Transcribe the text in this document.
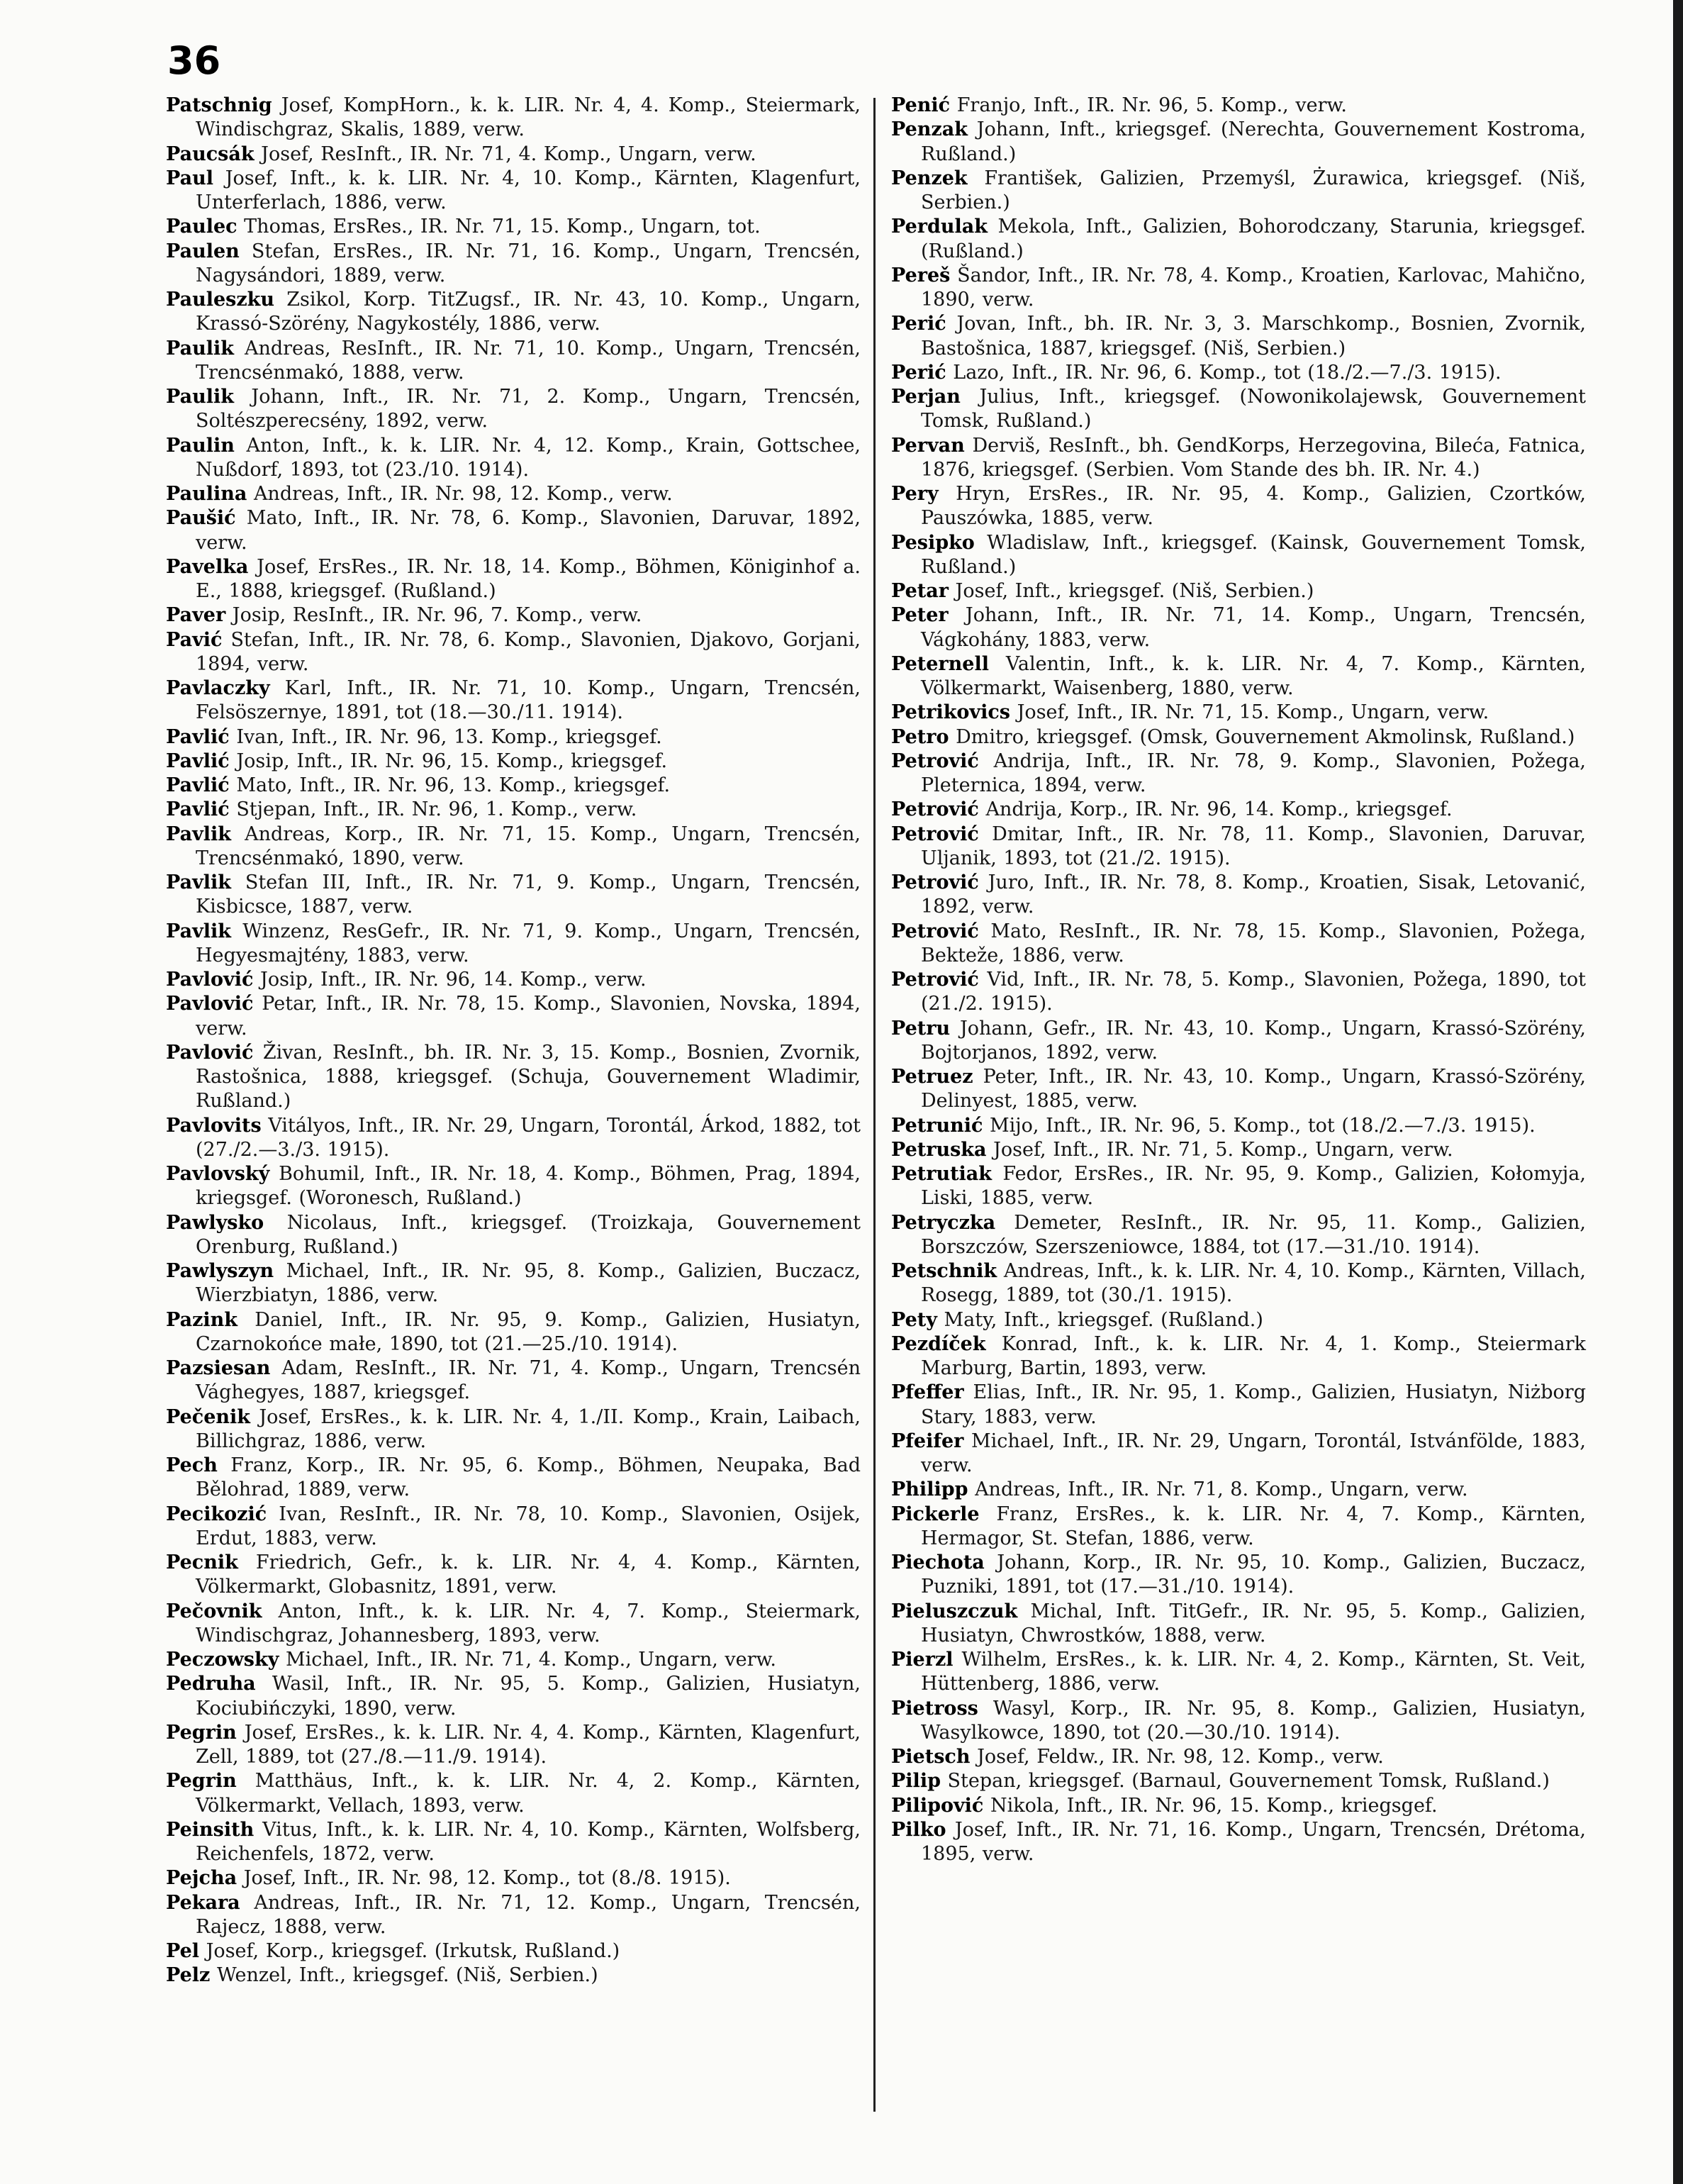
36

Patschnig Josef, KompHorn., k. k. LIR. Nr. 4, 4. Komp., Steiermark, Windischgraz, Skalis, 1889, verw.

Paucsák Josef, ResInft., IR. Nr. 71, 4. Komp., Ungarn, verw.

Paul Josef, Inft., k. k. LIR. Nr. 4, 10. Komp., Kärnten, Klagenfurt, Unterferlach, 1886, verw.

Paulec Thomas, ErsRes., IR. Nr. 71, 15. Komp., Ungarn, tot.

Paulen Stefan, ErsRes., IR. Nr. 71, 16. Komp., Ungarn, Trencsén, Nagysándori, 1889, verw.

Pauleszku Zsikol, Korp. TitZugsf., IR. Nr. 43, 10. Komp., Ungarn, Krassó-Szörény, Nagykostély, 1886, verw.

Paulik Andreas, ResInft., IR. Nr. 71, 10. Komp., Ungarn, Trencsén, Trencsénmakó, 1888, verw.

Paulik Johann, Inft., IR. Nr. 71, 2. Komp., Ungarn, Trencsén, Soltészperecsény, 1892, verw.

Paulin Anton, Inft., k. k. LIR. Nr. 4, 12. Komp., Krain, Gottschee, Nußdorf, 1893, tot (23./10. 1914).

Paulina Andreas, Inft., IR. Nr. 98, 12. Komp., verw.

Paušić Mato, Inft., IR. Nr. 78, 6. Komp., Slavonien, Daruvar, 1892, verw.

Pavelka Josef, ErsRes., IR. Nr. 18, 14. Komp., Böhmen, Königinhof a. E., 1888, kriegsgef. (Rußland.)

Paver Josip, ResInft., IR. Nr. 96, 7. Komp., verw.

Pavić Stefan, Inft., IR. Nr. 78, 6. Komp., Slavonien, Djakovo, Gorjani, 1894, verw.

Pavlaczky Karl, Inft., IR. Nr. 71, 10. Komp., Ungarn, Trencsén, Felsöszernye, 1891, tot (18.—30./11. 1914).

Pavlić Ivan, Inft., IR. Nr. 96, 13. Komp., kriegsgef.

Pavlić Josip, Inft., IR. Nr. 96, 15. Komp., kriegsgef.

Pavlić Mato, Inft., IR. Nr. 96, 13. Komp., kriegsgef.

Pavlić Stjepan, Inft., IR. Nr. 96, 1. Komp., verw.

Pavlik Andreas, Korp., IR. Nr. 71, 15. Komp., Ungarn, Trencsén, Trencsénmakó, 1890, verw.

Pavlik Stefan III, Inft., IR. Nr. 71, 9. Komp., Ungarn, Trencsén, Kisbicsce, 1887, verw.

Pavlik Winzenz, ResGefr., IR. Nr. 71, 9. Komp., Ungarn, Trencsén, Hegyesmajtény, 1883, verw.

Pavlović Josip, Inft., IR. Nr. 96, 14. Komp., verw.

Pavlović Petar, Inft., IR. Nr. 78, 15. Komp., Slavonien, Novska, 1894, verw.

Pavlović Živan, ResInft., bh. IR. Nr. 3, 15. Komp., Bosnien, Zvornik, Rastošnica, 1888, kriegsgef. (Schuja, Gouvernement Wladimir, Rußland.)

Pavlovits Vitályos, Inft., IR. Nr. 29, Ungarn, Torontál, Árkod, 1882, tot (27./2.—3./3. 1915).

Pavlovský Bohumil, Inft., IR. Nr. 18, 4. Komp., Böhmen, Prag, 1894, kriegsgef. (Woronesch, Rußland.)

Pawlysko Nicolaus, Inft., kriegsgef. (Troizkaja, Gouvernement Orenburg, Rußland.)

Pawlyszyn Michael, Inft., IR. Nr. 95, 8. Komp., Galizien, Buczacz, Wierzbiatyn, 1886, verw.

Pazink Daniel, Inft., IR. Nr. 95, 9. Komp., Galizien, Husiatyn, Czarnokońce małe, 1890, tot (21.—25./10. 1914).

Pazsiesan Adam, ResInft., IR. Nr. 71, 4. Komp., Ungarn, Trencsén Vághegyes, 1887, kriegsgef.

Pečenik Josef, ErsRes., k. k. LIR. Nr. 4, 1./II. Komp., Krain, Laibach, Billichgraz, 1886, verw.

Pech Franz, Korp., IR. Nr. 95, 6. Komp., Böhmen, Neupaka, Bad Bělohrad, 1889, verw.

Pecikozić Ivan, ResInft., IR. Nr. 78, 10. Komp., Slavonien, Osijek, Erdut, 1883, verw.

Pecnik Friedrich, Gefr., k. k. LIR. Nr. 4, 4. Komp., Kärnten, Völkermarkt, Globasnitz, 1891, verw.

Pečovnik Anton, Inft., k. k. LIR. Nr. 4, 7. Komp., Steiermark, Windischgraz, Johannesberg, 1893, verw.

Peczowsky Michael, Inft., IR. Nr. 71, 4. Komp., Ungarn, verw.

Pedruha Wasil, Inft., IR. Nr. 95, 5. Komp., Galizien, Husiatyn, Kociubińczyki, 1890, verw.

Pegrin Josef, ErsRes., k. k. LIR. Nr. 4, 4. Komp., Kärnten, Klagenfurt, Zell, 1889, tot (27./8.—11./9. 1914).

Pegrin Matthäus, Inft., k. k. LIR. Nr. 4, 2. Komp., Kärnten, Völkermarkt, Vellach, 1893, verw.

Peinsith Vitus, Inft., k. k. LIR. Nr. 4, 10. Komp., Kärnten, Wolfsberg, Reichenfels, 1872, verw.

Pejcha Josef, Inft., IR. Nr. 98, 12. Komp., tot (8./8. 1915).

Pekara Andreas, Inft., IR. Nr. 71, 12. Komp., Ungarn, Trencsén, Rajecz, 1888, verw.

Pel Josef, Korp., kriegsgef. (Irkutsk, Rußland.)

Pelz Wenzel, Inft., kriegsgef. (Niš, Serbien.)

Penić Franjo, Inft., IR. Nr. 96, 5. Komp., verw.

Penzak Johann, Inft., kriegsgef. (Nerechta, Gouvernement Kostroma, Rußland.)

Penzek František, Galizien, Przemyśl, Żurawica, kriegsgef. (Niš, Serbien.)

Perdulak Mekola, Inft., Galizien, Bohorodczany, Starunia, kriegsgef. (Rußland.)

Pereš Šandor, Inft., IR. Nr. 78, 4. Komp., Kroatien, Karlovac, Mahično, 1890, verw.

Perić Jovan, Inft., bh. IR. Nr. 3, 3. Marschkomp., Bosnien, Zvornik, Bastošnica, 1887, kriegsgef. (Niš, Serbien.)

Perić Lazo, Inft., IR. Nr. 96, 6. Komp., tot (18./2.—7./3. 1915).

Perjan Julius, Inft., kriegsgef. (Nowonikolajewsk, Gouvernement Tomsk, Rußland.)

Pervan Derviš, ResInft., bh. GendKorps, Herzegovina, Bileća, Fatnica, 1876, kriegsgef. (Serbien. Vom Stande des bh. IR. Nr. 4.)

Pery Hryn, ErsRes., IR. Nr. 95, 4. Komp., Galizien, Czortków, Pauszówka, 1885, verw.

Pesipko Wladislaw, Inft., kriegsgef. (Kainsk, Gouvernement Tomsk, Rußland.)

Petar Josef, Inft., kriegsgef. (Niš, Serbien.)

Peter Johann, Inft., IR. Nr. 71, 14. Komp., Ungarn, Trencsén, Vágkohány, 1883, verw.

Peternell Valentin, Inft., k. k. LIR. Nr. 4, 7. Komp., Kärnten, Völkermarkt, Waisenberg, 1880, verw.

Petrikovics Josef, Inft., IR. Nr. 71, 15. Komp., Ungarn, verw.

Petro Dmitro, kriegsgef. (Omsk, Gouvernement Akmolinsk, Rußland.)

Petrović Andrija, Inft., IR. Nr. 78, 9. Komp., Slavonien, Požega, Pleternica, 1894, verw.

Petrović Andrija, Korp., IR. Nr. 96, 14. Komp., kriegsgef.

Petrović Dmitar, Inft., IR. Nr. 78, 11. Komp., Slavonien, Daruvar, Uljanik, 1893, tot (21./2. 1915).

Petrović Juro, Inft., IR. Nr. 78, 8. Komp., Kroatien, Sisak, Letovanić, 1892, verw.

Petrović Mato, ResInft., IR. Nr. 78, 15. Komp., Slavonien, Požega, Bekteže, 1886, verw.

Petrović Vid, Inft., IR. Nr. 78, 5. Komp., Slavonien, Požega, 1890, tot (21./2. 1915).

Petru Johann, Gefr., IR. Nr. 43, 10. Komp., Ungarn, Krassó-Szörény, Bojtorjanos, 1892, verw.

Petruez Peter, Inft., IR. Nr. 43, 10. Komp., Ungarn, Krassó-Szörény, Delinyest, 1885, verw.

Petrunić Mijo, Inft., IR. Nr. 96, 5. Komp., tot (18./2.—7./3. 1915).

Petruska Josef, Inft., IR. Nr. 71, 5. Komp., Ungarn, verw.

Petrutiak Fedor, ErsRes., IR. Nr. 95, 9. Komp., Galizien, Kołomyja, Liski, 1885, verw.

Petryczka Demeter, ResInft., IR. Nr. 95, 11. Komp., Galizien, Borszczów, Szerszeniowce, 1884, tot (17.—31./10. 1914).

Petschnik Andreas, Inft., k. k. LIR. Nr. 4, 10. Komp., Kärnten, Villach, Rosegg, 1889, tot (30./1. 1915).

Pety Maty, Inft., kriegsgef. (Rußland.)

Pezdíček Konrad, Inft., k. k. LIR. Nr. 4, 1. Komp., Steiermark Marburg, Bartin, 1893, verw.

Pfeffer Elias, Inft., IR. Nr. 95, 1. Komp., Galizien, Husiatyn, Niżborg Stary, 1883, verw.

Pfeifer Michael, Inft., IR. Nr. 29, Ungarn, Torontál, Istvánfölde, 1883, verw.

Philipp Andreas, Inft., IR. Nr. 71, 8. Komp., Ungarn, verw.

Pickerle Franz, ErsRes., k. k. LIR. Nr. 4, 7. Komp., Kärnten, Hermagor, St. Stefan, 1886, verw.

Piechota Johann, Korp., IR. Nr. 95, 10. Komp., Galizien, Buczacz, Puzniki, 1891, tot (17.—31./10. 1914).

Pieluszczuk Michal, Inft. TitGefr., IR. Nr. 95, 5. Komp., Galizien, Husiatyn, Chwrostków, 1888, verw.

Pierzl Wilhelm, ErsRes., k. k. LIR. Nr. 4, 2. Komp., Kärnten, St. Veit, Hüttenberg, 1886, verw.

Pietross Wasyl, Korp., IR. Nr. 95, 8. Komp., Galizien, Husiatyn, Wasylkowce, 1890, tot (20.—30./10. 1914).

Pietsch Josef, Feldw., IR. Nr. 98, 12. Komp., verw.

Pilip Stepan, kriegsgef. (Barnaul, Gouvernement Tomsk, Rußland.)

Pilipović Nikola, Inft., IR. Nr. 96, 15. Komp., kriegsgef.

Pilko Josef, Inft., IR. Nr. 71, 16. Komp., Ungarn, Trencsén, Drétoma, 1895, verw.
